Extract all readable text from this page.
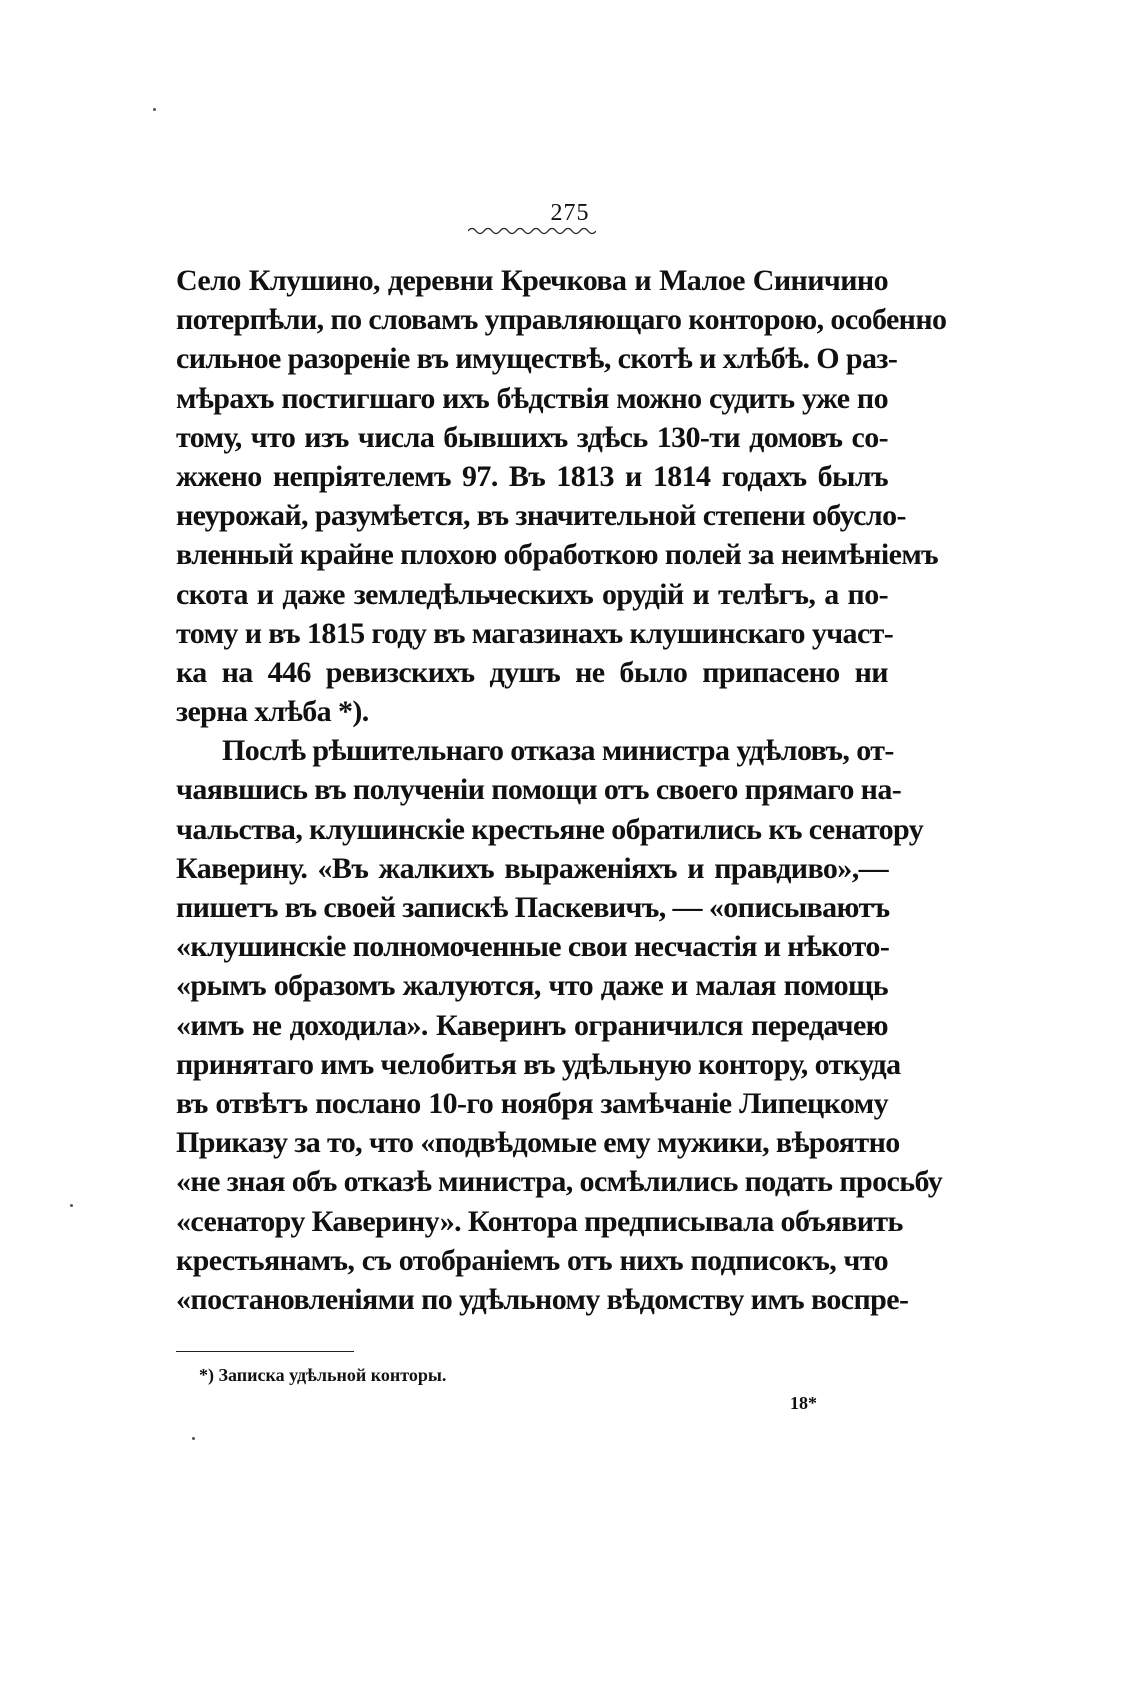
275
Село Клушино, деревни Кречкова и Малое Синичино
потерпѣли, по словамъ управляющаго конторою, особенно
сильное разореніе въ имуществѣ, скотѣ и хлѣбѣ. О раз-
мѣрахъ постигшаго ихъ бѣдствія можно судить уже по
тому, что изъ числа бывшихъ здѣсь 130-ти домовъ со-
жжено непріятелемъ 97. Въ 1813 и 1814 годахъ былъ
неурожай, разумѣется, въ значительной степени обусло-
вленный крайне плохою обработкою полей за неимѣніемъ
скота и даже земледѣльческихъ орудій и телѣгъ, а по-
тому и въ 1815 году въ магазинахъ клушинскаго участ-
ка на 446 ревизскихъ душъ не было припасено ни
зерна хлѣба *).
Послѣ рѣшительнаго отказа министра удѣловъ, от-
чаявшись въ полученіи помощи отъ своего прямаго на-
чальства, клушинскіе крестьяне обратились къ сенатору
Каверину. «Въ жалкихъ выраженіяхъ и правдиво»,—
пишетъ въ своей запискѣ Паскевичъ, — «описываютъ
«клушинскіе полномоченные свои несчастія и нѣкото-
«рымъ образомъ жалуются, что даже и малая помощь
«имъ не доходила». Каверинъ ограничился передачею
принятаго имъ челобитья въ удѣльную контору, откуда
въ отвѣтъ послано 10-го ноября замѣчаніе Липецкому
Приказу за то, что «подвѣдомые ему мужики, вѣроятно
«не зная объ отказѣ министра, осмѣлились подать просьбу
«сенатору Каверину». Контора предписывала объявить
крестьянамъ, съ отобраніемъ отъ нихъ подписокъ, что
«постановленіями по удѣльному вѣдомству имъ воспре-
*) Записка удѣльной конторы.
18*
